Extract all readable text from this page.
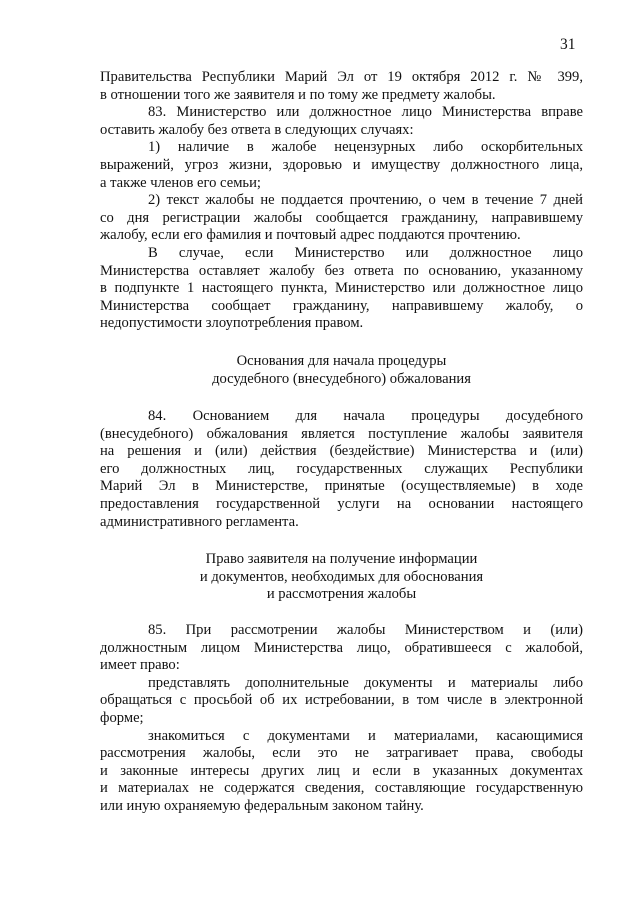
31
Правительства Республики Марий Эл от 19 октября 2012 г. № 399,
в отношении того же заявителя и по тому же предмету жалобы.
83. Министерство или должностное лицо Министерства вправе
оставить жалобу без ответа в следующих случаях:
1) наличие в жалобе нецензурных либо оскорбительных
выражений, угроз жизни, здоровью и имуществу должностного лица,
а также членов его семьи;
2) текст жалобы не поддается прочтению, о чем в течение 7 дней
со дня регистрации жалобы сообщается гражданину, направившему
жалобу, если его фамилия и почтовый адрес поддаются прочтению.
В случае, если Министерство или должностное лицо
Министерства оставляет жалобу без ответа по основанию, указанному
в подпункте 1 настоящего пункта, Министерство или должностное лицо
Министерства сообщает гражданину, направившему жалобу, о
недопустимости злоупотребления правом.
Основания для начала процедуры
досудебного (внесудебного) обжалования
84. Основанием для начала процедуры досудебного
(внесудебного) обжалования является поступление жалобы заявителя
на решения и (или) действия (бездействие) Министерства и (или)
его должностных лиц, государственных служащих Республики
Марий Эл в Министерстве, принятые (осуществляемые) в ходе
предоставления государственной услуги на основании настоящего
административного регламента.
Право заявителя на получение информации
и документов, необходимых для обоснования
и рассмотрения жалобы
85. При рассмотрении жалобы Министерством и (или)
должностным лицом Министерства лицо, обратившееся с жалобой,
имеет право:
представлять дополнительные документы и материалы либо
обращаться с просьбой об их истребовании, в том числе в электронной
форме;
знакомиться с документами и материалами, касающимися
рассмотрения жалобы, если это не затрагивает права, свободы
и законные интересы других лиц и если в указанных документах
и материалах не содержатся сведения, составляющие государственную
или иную охраняемую федеральным законом тайну.
